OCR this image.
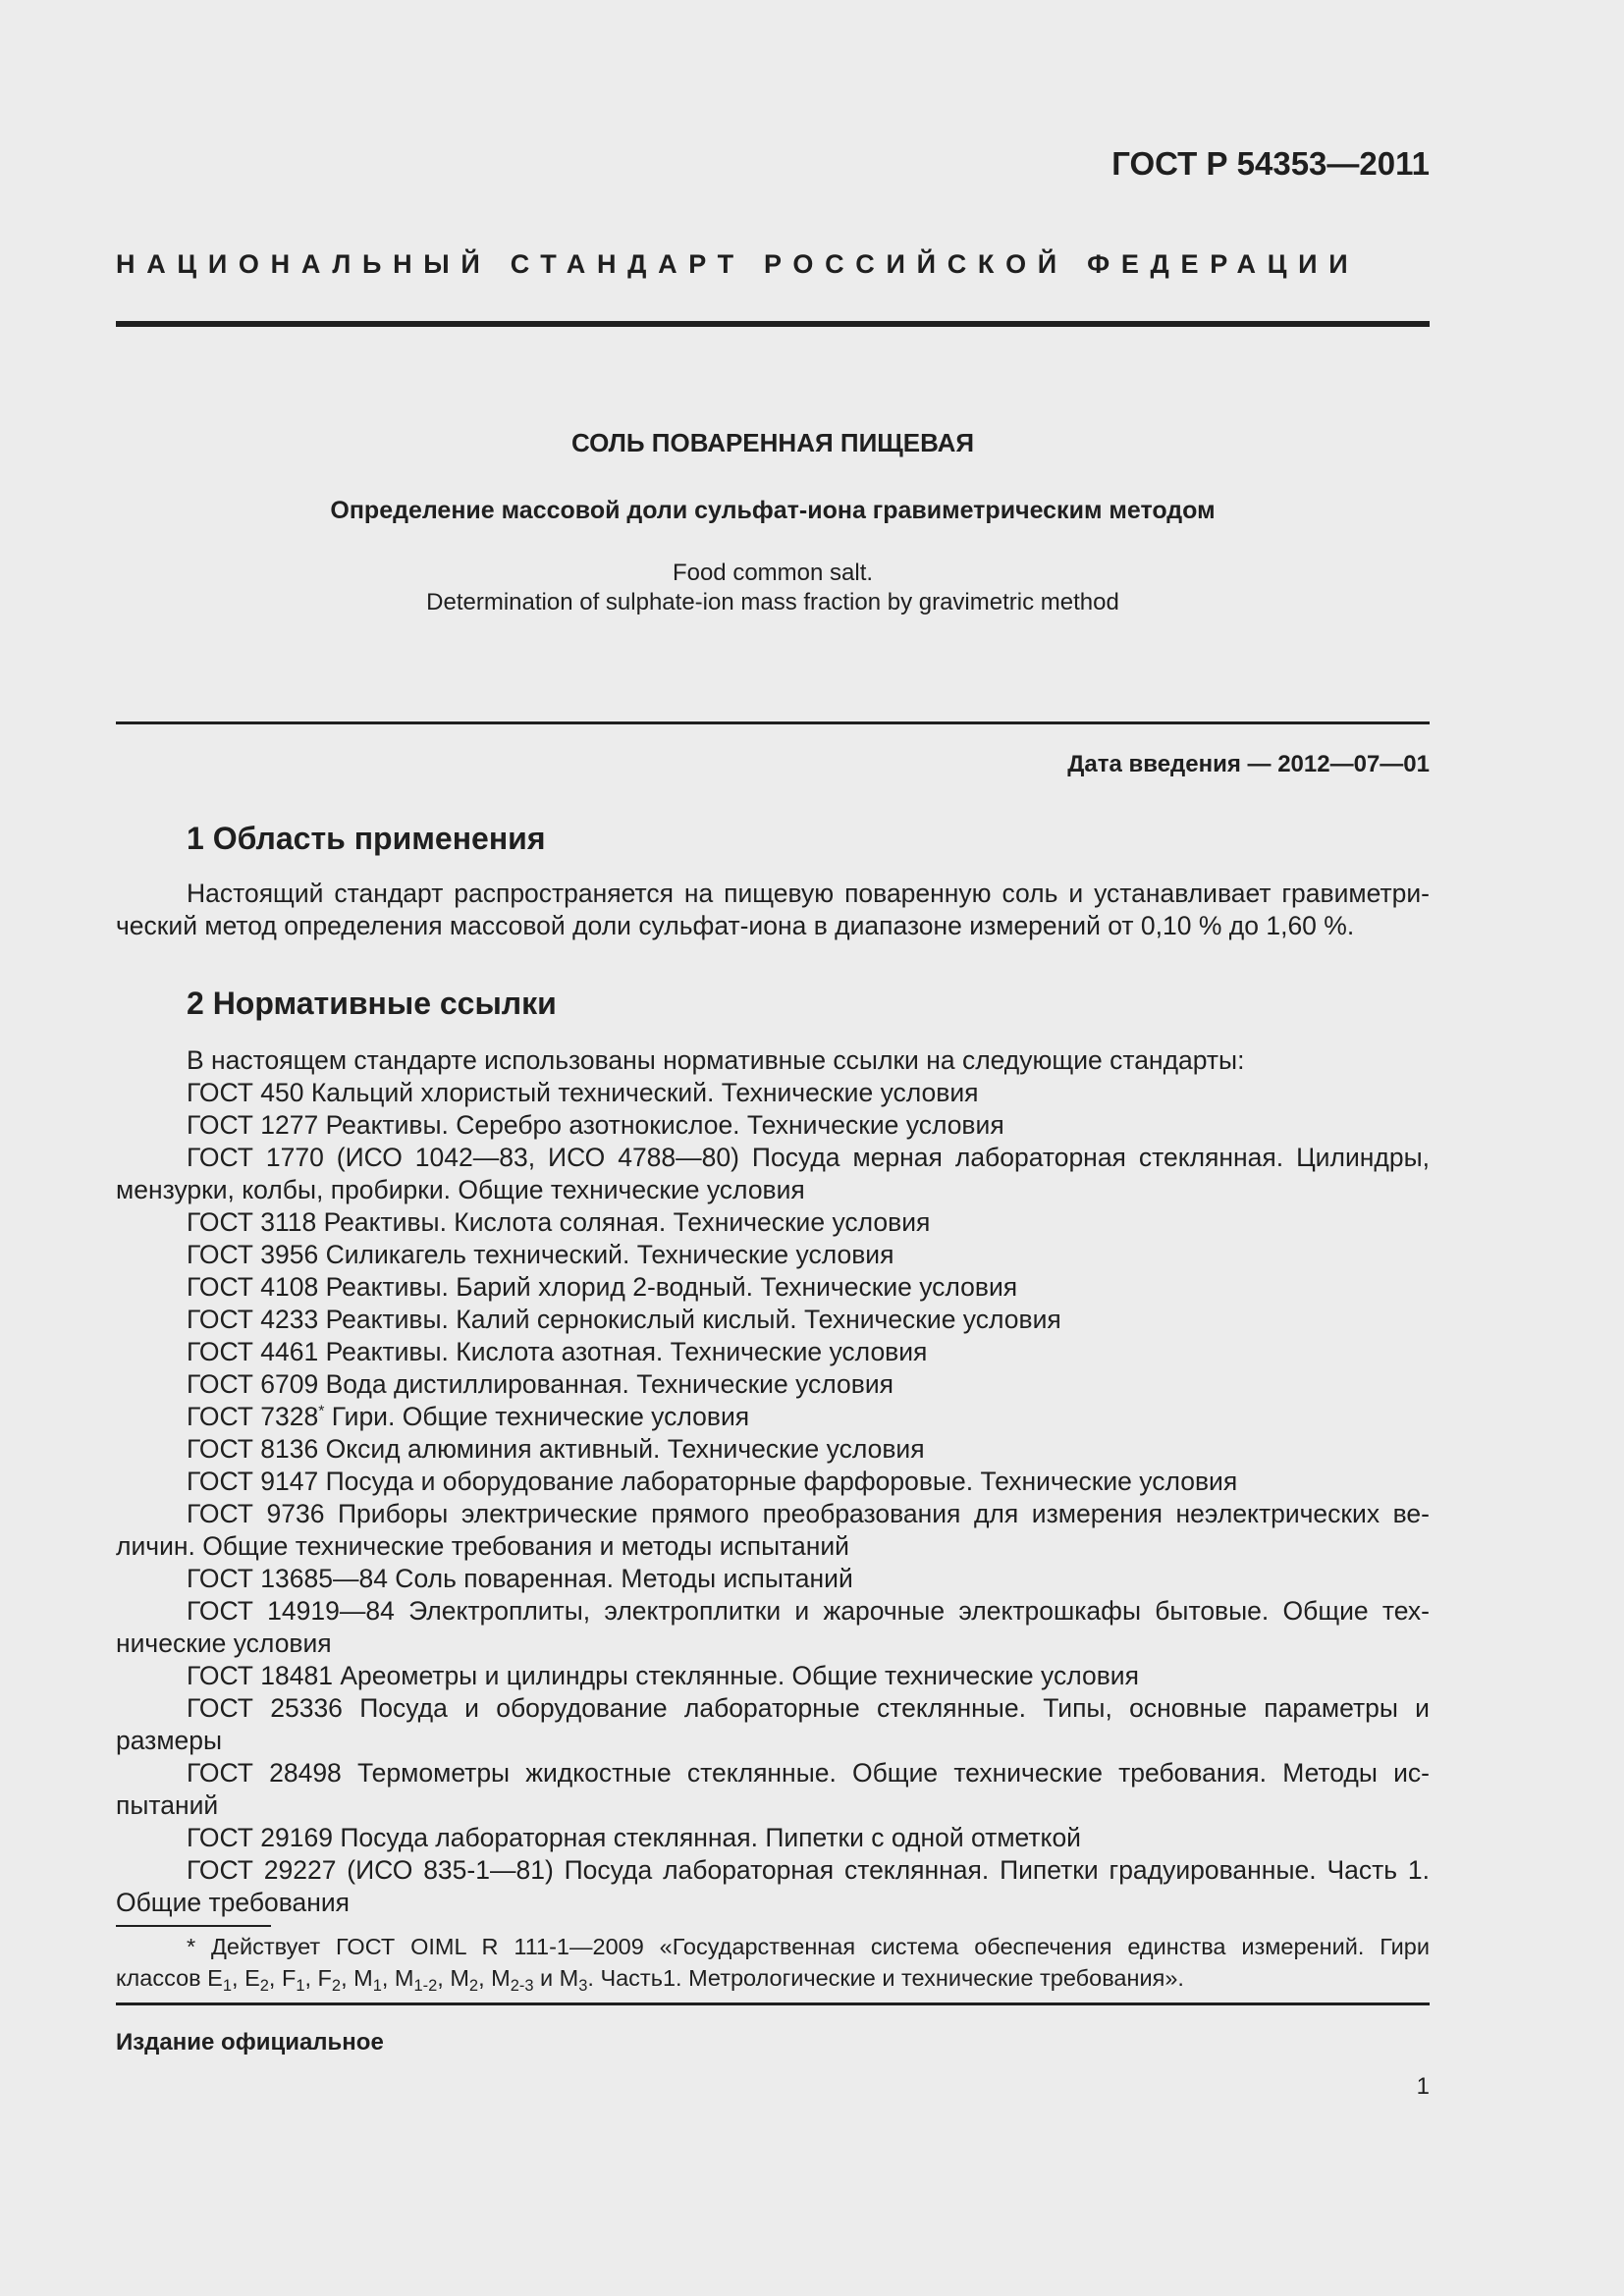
ГОСТ Р 54353—2011
НАЦИОНАЛЬНЫЙ СТАНДАРТ РОССИЙСКОЙ ФЕДЕРАЦИИ
СОЛЬ ПОВАРЕННАЯ ПИЩЕВАЯ
Определение массовой доли сульфат-иона гравиметрическим методом
Food common salt.
Determination of sulphate-ion mass fraction by gravimetric method
Дата введения — 2012—07—01
1 Область применения
Настоящий стандарт распространяется на пищевую поваренную соль и устанавливает гравиметри-
ческий метод определения массовой доли сульфат-иона в диапазоне измерений от 0,10 % до 1,60 %.
2 Нормативные ссылки
В настоящем стандарте использованы нормативные ссылки на следующие стандарты:
ГОСТ 450 Кальций хлористый технический. Технические условия
ГОСТ 1277 Реактивы. Серебро азотнокислое. Технические условия
ГОСТ 1770 (ИСО 1042—83, ИСО 4788—80) Посуда мерная лабораторная стеклянная. Цилиндры,
мензурки, колбы, пробирки. Общие технические условия
ГОСТ 3118 Реактивы. Кислота соляная. Технические условия
ГОСТ 3956 Силикагель технический. Технические условия
ГОСТ 4108 Реактивы. Барий хлорид 2-водный. Технические условия
ГОСТ 4233 Реактивы. Калий сернокислый кислый. Технические условия
ГОСТ 4461 Реактивы. Кислота азотная. Технические условия
ГОСТ 6709 Вода дистиллированная. Технические условия
ГОСТ 7328* Гири. Общие технические условия
ГОСТ 8136 Оксид алюминия активный. Технические условия
ГОСТ 9147 Посуда и оборудование лабораторные фарфоровые. Технические условия
ГОСТ 9736 Приборы электрические прямого преобразования для измерения неэлектрических ве-
личин. Общие технические требования и методы испытаний
ГОСТ 13685—84 Соль поваренная. Методы испытаний
ГОСТ 14919—84 Электроплиты, электроплитки и жарочные электрошкафы бытовые. Общие тех-
нические условия
ГОСТ 18481 Ареометры и цилиндры стеклянные. Общие технические условия
ГОСТ 25336 Посуда и оборудование лабораторные стеклянные. Типы, основные параметры и
размеры
ГОСТ 28498 Термометры жидкостные стеклянные. Общие технические требования. Методы ис-
пытаний
ГОСТ 29169 Посуда лабораторная стеклянная. Пипетки с одной отметкой
ГОСТ 29227 (ИСО 835-1—81) Посуда лабораторная стеклянная. Пипетки градуированные. Часть 1.
Общие требования
* Действует ГОСТ OIML R 111-1—2009 «Государственная система обеспечения единства измерений. Гири
классов $E_1$, $E_2$, $F_1$, $F_2$, $M_1$, $M_{1-2}$, $M_2$, $M_{2-3}$ и $M_3$. Часть1. Метрологические и технические требования».
Издание официальное
1
